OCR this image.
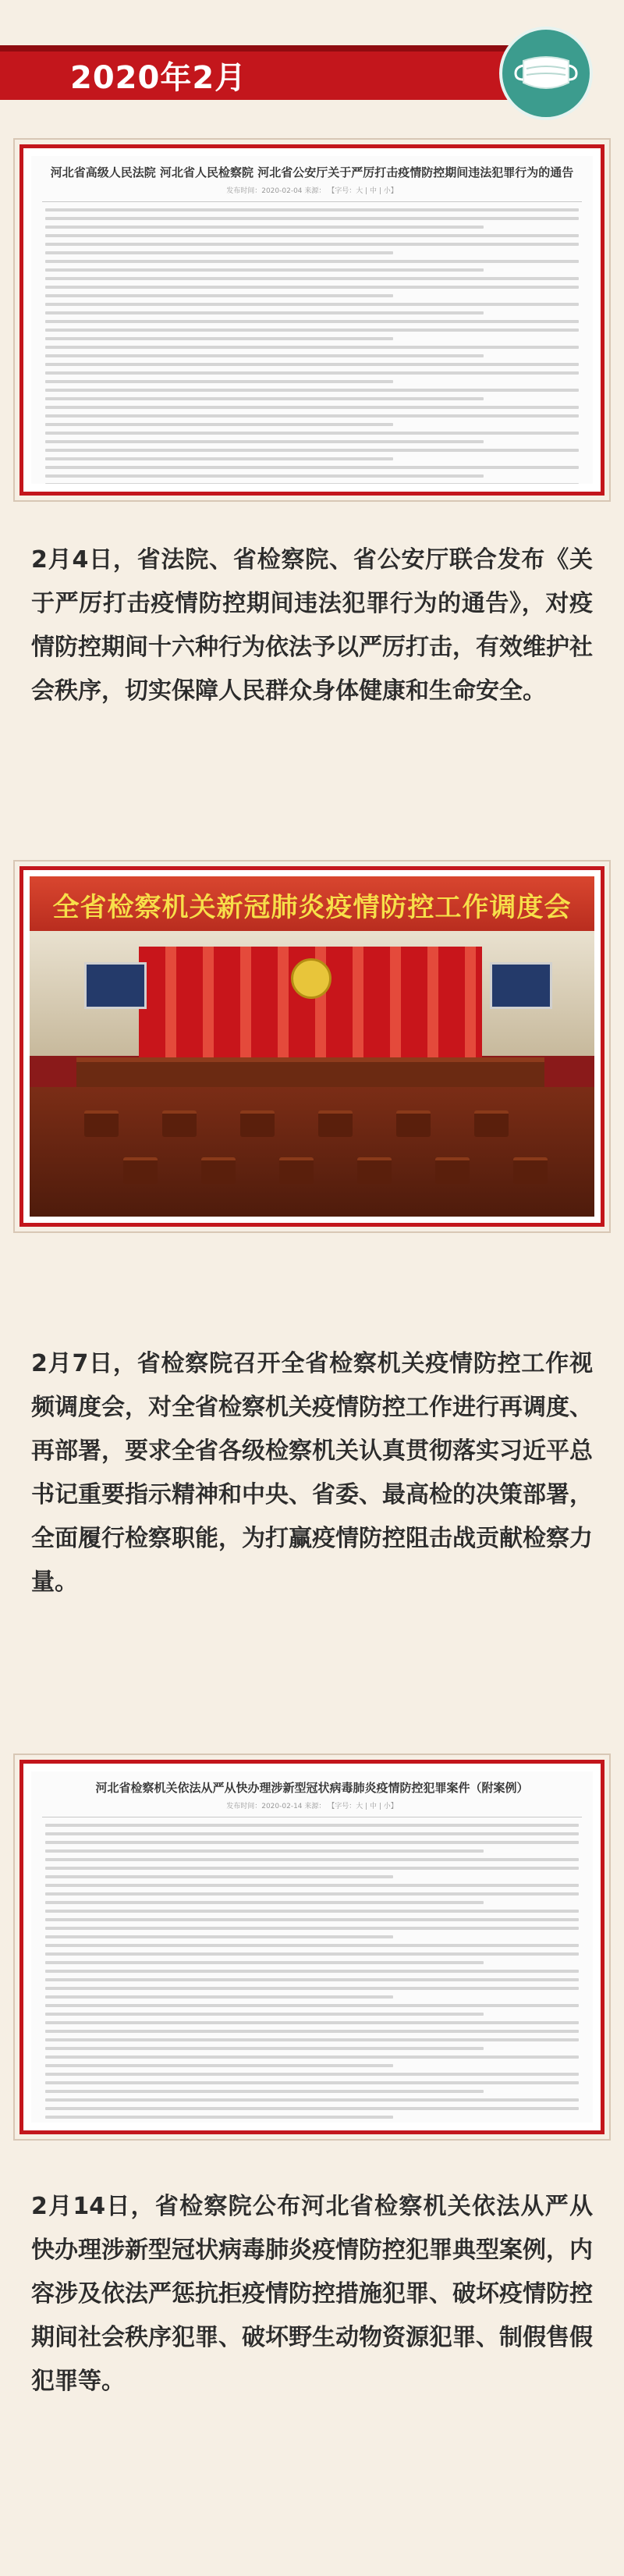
2020年2月
河北省高级人民法院 河北省人民检察院 河北省公安厅关于严厉打击疫情防控期间违法犯罪行为的通告
发布时间：2020-02-04 来源： 【字号：大 | 中 | 小】
2月4日，省法院、省检察院、省公安厅联合发布《关于严厉打击疫情防控期间违法犯罪行为的通告》，对疫情防控期间十六种行为依法予以严厉打击，有效维护社会秩序，切实保障人民群众身体健康和生命安全。
全省检察机关新冠肺炎疫情防控工作调度会
2月7日，省检察院召开全省检察机关疫情防控工作视频调度会，对全省检察机关疫情防控工作进行再调度、再部署，要求全省各级检察机关认真贯彻落实习近平总书记重要指示精神和中央、省委、最高检的决策部署，全面履行检察职能，为打赢疫情防控阻击战贡献检察力量。
河北省检察机关依法从严从快办理涉新型冠状病毒肺炎疫情防控犯罪案件（附案例）
发布时间：2020-02-14 来源： 【字号：大 | 中 | 小】
2月14日，省检察院公布河北省检察机关依法从严从快办理涉新型冠状病毒肺炎疫情防控犯罪典型案例，内容涉及依法严惩抗拒疫情防控措施犯罪、破坏疫情防控期间社会秩序犯罪、破坏野生动物资源犯罪、制假售假犯罪等。
